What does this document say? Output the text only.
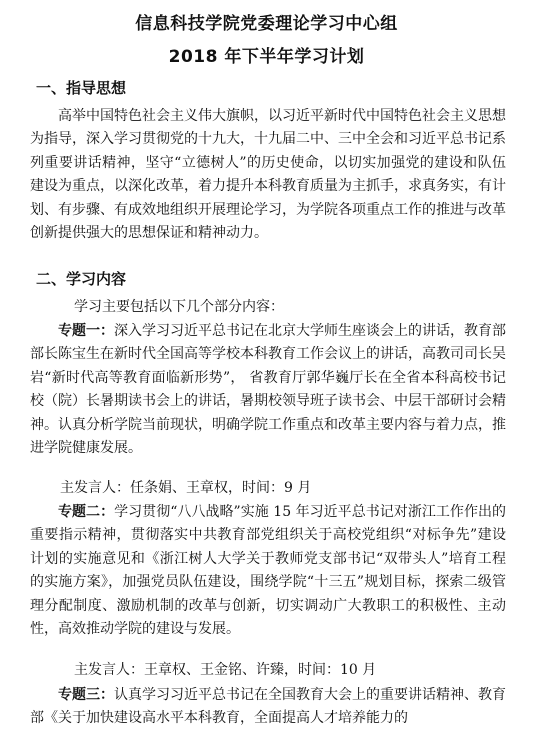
信息科技学院党委理论学习中心组
2018 年下半年学习计划
一、指导思想
高举中国特色社会主义伟大旗帜，以习近平新时代中国特色社会主义思想为指导，深入学习贯彻党的十九大，十九届二中、三中全会和习近平总书记系列重要讲话精神，坚守“立德树人”的历史使命，以切实加强党的建设和队伍建设为重点，以深化改革，着力提升本科教育质量为主抓手，求真务实，有计划、有步骤、有成效地组织开展理论学习，为学院各项重点工作的推进与改革创新提供强大的思想保证和精神动力。
二、学习内容
学习主要包括以下几个部分内容：
专题一：深入学习习近平总书记在北京大学师生座谈会上的讲话，教育部部长陈宝生在新时代全国高等学校本科教育工作会议上的讲话，高教司司长吴岩“新时代高等教育面临新形势”， 省教育厅郭华巍厅长在全省本科高校书记校（院）长暑期读书会上的讲话，暑期校领导班子读书会、中层干部研讨会精神。认真分析学院当前现状，明确学院工作重点和改革主要内容与着力点，推进学院健康发展。
主发言人：任条娟、王章权，时间：9 月
专题二：学习贯彻“八八战略”实施 15 年习近平总书记对浙江工作作出的重要指示精神，贯彻落实中共教育部党组织关于高校党组织“对标争先”建设计划的实施意见和《浙江树人大学关于教师党支部书记“双带头人”培育工程的实施方案》，加强党员队伍建设，围绕学院“十三五”规划目标，探索二级管理分配制度、激励机制的改革与创新，切实调动广大教职工的积极性、主动性，高效推动学院的建设与发展。
主发言人：王章权、王金铭、许臻，时间：10 月
专题三：认真学习习近平总书记在全国教育大会上的重要讲话精神、教育部《关于加快建设高水平本科教育，全面提高人才培养能力的
